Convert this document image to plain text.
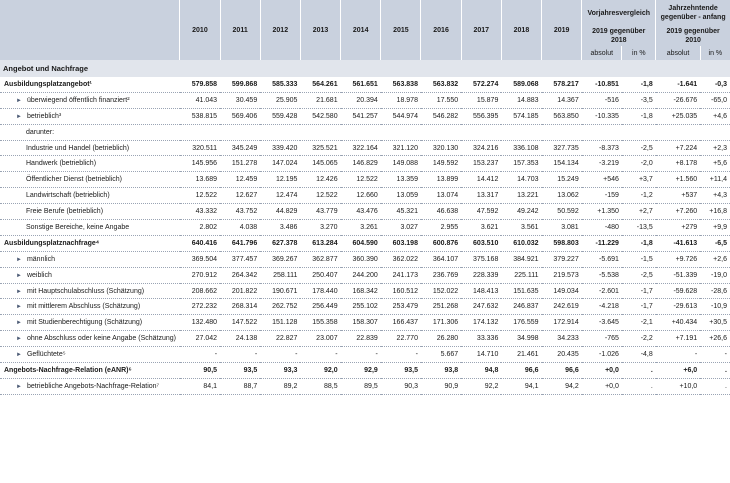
	2010	2011	2012	2013	2014	2015	2016	2017	2018	2019	Vorjahresvergleich		Jahrzehntende gegenüber - anfang	
											2019 gegenüber 2018		2019 gegenüber 2010	
											absolut	in %	absolut	in %
Angebot und Nachfrage														
Ausbildungsplatzangebot¹	579.858	599.868	585.333	564.261	561.651	563.838	563.832	572.274	589.068	578.217	-10.851	-1,8	-1.641	-0,3
► überwiegend öffentlich finanziert²	41.043	30.459	25.905	21.681	20.394	18.978	17.550	15.879	14.883	14.367	-516	-3,5	-26.676	-65,0
► betrieblich³	538.815	569.406	559.428	542.580	541.257	544.974	546.282	556.395	574.185	563.850	-10.335	-1,8	+25.035	+4,6
darunter:														
Industrie und Handel (betrieblich)	320.511	345.249	339.420	325.521	322.164	321.120	320.130	324.216	336.108	327.735	-8.373	-2,5	+7.224	+2,3
Handwerk (betrieblich)	145.956	151.278	147.024	145.065	146.829	149.088	149.592	153.237	157.353	154.134	-3.219	-2,0	+8.178	+5,6
Öffentlicher Dienst (betrieblich)	13.689	12.459	12.195	12.426	12.522	13.359	13.899	14.412	14.703	15.249	+546	+3,7	+1.560	+11,4
Landwirtschaft (betrieblich)	12.522	12.627	12.474	12.522	12.660	13.059	13.074	13.317	13.221	13.062	-159	-1,2	+537	+4,3
Freie Berufe (betrieblich)	43.332	43.752	44.829	43.779	43.476	45.321	46.638	47.592	49.242	50.592	+1.350	+2,7	+7.260	+16,8
Sonstige Bereiche, keine Angabe	2.802	4.038	3.486	3.270	3.261	3.027	2.955	3.621	3.561	3.081	-480	-13,5	+279	+9,9
Ausbildungsplatznachfrage⁴	640.416	641.796	627.378	613.284	604.590	603.198	600.876	603.510	610.032	598.803	-11.229	-1,8	-41.613	-6,5
► männlich	369.504	377.457	369.267	362.877	360.390	362.022	364.107	375.168	384.921	379.227	-5.691	-1,5	+9.726	+2,6
► weiblich	270.912	264.342	258.111	250.407	244.200	241.173	236.769	228.339	225.111	219.573	-5.538	-2,5	-51.339	-19,0
► mit Hauptschulabschluss (Schätzung)	208.662	201.822	190.671	178.440	168.342	160.512	152.022	148.413	151.635	149.034	-2.601	-1,7	-59.628	-28,6
► mit mittlerem Abschluss (Schätzung)	272.232	268.314	262.752	256.449	255.102	253.479	251.268	247.632	246.837	242.619	-4.218	-1,7	-29.613	-10,9
► mit Studienberechtigung (Schätzung)	132.480	147.522	151.128	155.358	158.307	166.437	171.306	174.132	176.559	172.914	-3.645	-2,1	+40.434	+30,5
► ohne Abschluss oder keine Angabe (Schätzung)	27.042	24.138	22.827	23.007	22.839	22.770	26.280	33.336	34.998	34.233	-765	-2,2	+7.191	+26,6
► Geflüchtete⁵	-	-	-	-	-	-	5.667	14.710	21.461	20.435	-1.026	-4,8	-	-
Angebots-Nachfrage-Relation (eANR)⁶	90,5	93,5	93,3	92,0	92,9	93,5	93,8	94,8	96,6	96,6	+0,0	.	+6,0	.
► betriebliche Angebots-Nachfrage-Relation⁷	84,1	88,7	89,2	88,5	89,5	90,3	90,9	92,2	94,1	94,2	+0,0	.	+10,0	.
